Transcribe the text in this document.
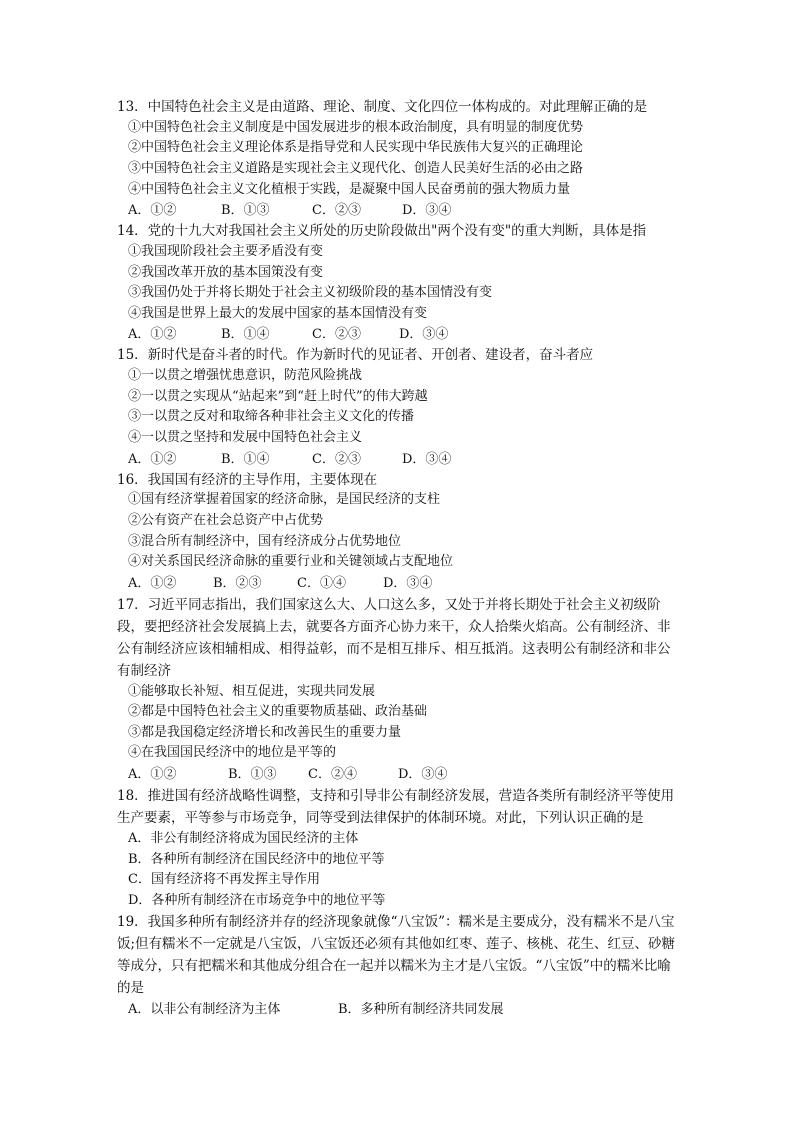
13．中国特色社会主义是由道路、理论、制度、文化四位一体构成的。对此理解正确的是
①中国特色社会主义制度是中国发展进步的根本政治制度，具有明显的制度优势
②中国特色社会主义理论体系是指导党和人民实现中华民族伟大复兴的正确理论
③中国特色社会主义道路是实现社会主义现代化、创造人民美好生活的必由之路
④中国特色社会主义文化植根于实践，是凝聚中国人民奋勇前的强大物质力量
A．①②	B．①③	C．②③	D．③④
14．党的十九大对我国社会主义所处的历史阶段做出"两个没有变"的重大判断，具体是指
①我国现阶段社会主要矛盾没有变
②我国改革开放的基本国策没有变
③我国仍处于并将长期处于社会主义初级阶段的基本国情没有变
④我国是世界上最大的发展中国家的基本国情没有变
A．①②	B．①④	C．②③	D．③④
15．新时代是奋斗者的时代。作为新时代的见证者、开创者、建设者，奋斗者应
①一以贯之增强忧患意识，防范风险挑战
②一以贯之实现从“站起来”到“赶上时代”的伟大跨越
③一以贯之反对和取缔各种非社会主义文化的传播
④一以贯之坚持和发展中国特色社会主义
A．①②	B．①④	C．②③	D．③④
16．我国国有经济的主导作用，主要体现在
①国有经济掌握着国家的经济命脉，是国民经济的支柱
②公有资产在社会总资产中占优势
③混合所有制经济中，国有经济成分占优势地位
④对关系国民经济命脉的重要行业和关键领域占支配地位
A．①②	B．②③	C．①④	D．③④
17．习近平同志指出，我们国家这么大、人口这么多，又处于并将长期处于社会主义初级阶段，要把经济社会发展搞上去，就要各方面齐心协力来干，众人拾柴火焰高。公有制经济、非公有制经济应该相辅相成、相得益彰，而不是相互排斥、相互抵消。这表明公有制经济和非公有制经济
①能够取长补短、相互促进，实现共同发展
②都是中国特色社会主义的重要物质基础、政治基础
③都是我国稳定经济增长和改善民生的重要力量
④在我国国民经济中的地位是平等的
A．①②	B．①③ C．②④	D．③④
18．推进国有经济战略性调整，支持和引导非公有制经济发展，营造各类所有制经济平等使用生产要素，平等参与市场竞争，同等受到法律保护的体制环境。对此，下列认识正确的是
A．非公有制经济将成为国民经济的主体
B．各种所有制经济在国民经济中的地位平等
C．国有经济将不再发挥主导作用
D．各种所有制经济在市场竞争中的地位平等
19．我国多种所有制经济并存的经济现象就像“八宝饭”：糯米是主要成分，没有糯米不是八宝饭;但有糯米不一定就是八宝饭，八宝饭还必须有其他如红枣、莲子、核桃、花生、红豆、砂糖等成分，只有把糯米和其他成分组合在一起并以糯米为主才是八宝饭。“八宝饭”中的糯米比喻的是
A．以非公有制经济为主体	B．多种所有制经济共同发展
